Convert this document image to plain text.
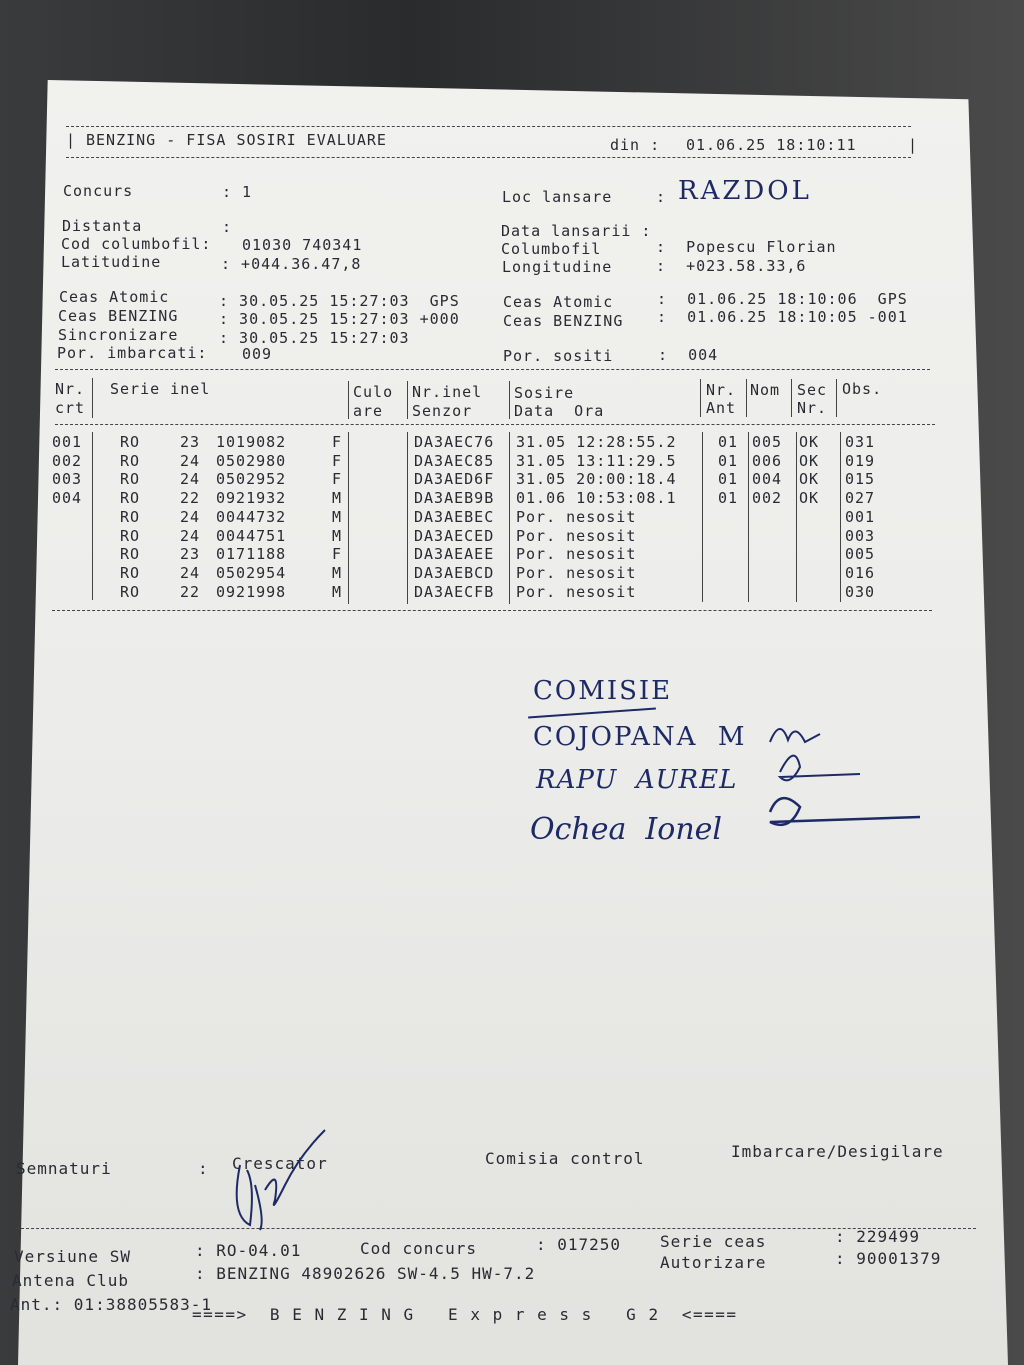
| BENZING - FISA SOSIRI EVALUARE	din : 01.06.25 18:10:11	|
Concurs	: 1
Distanta	:
Cod columbofil: 01030 740341
Latitudine	: +044.36.47,8
Ceas Atomic	: 30.05.25 15:27:03  GPS
Ceas BENZING	: 30.05.25 15:27:03 +000
Sincronizare	: 30.05.25 15:27:03
Por. imbarcati: 009
Loc lansare	: RAZDOL
Data lansarii :
Columbofil	:  Popescu Florian
Longitudine	:  +023.58.33,6
Ceas Atomic	:  01.06.25 18:10:06  GPS
Ceas BENZING :  01.06.25 18:10:05 -001
Por. sositi	:  004
Nr. Serie inel	Culo Nr.inel Sosire	Nr. Nom Sec Obs.
crt	are Senzor	Data  Ora	Ant	Nr.
001	RO	23 1019082	F	DA3AEC76 31.05 12:28:55.2	01 005 OK 031
002	RO	24 0502980	F	DA3AEC85 31.05 13:11:29.5	01 006 OK 019
003	RO	24 0502952	F	DA3AED6F 31.05 20:00:18.4	01 004 OK 015
004	RO	22 0921932	M	DA3AEB9B 01.06 10:53:08.1	01 002 OK 027
RO	24 0044732	M	DA3AEBEC Por. nesosit	001
RO	24 0044751	M	DA3AECED Por. nesosit	003
RO	23 0171188	F	DA3AEAEE Por. nesosit	005
RO	24 0502954	M	DA3AEBCD Por. nesosit	016
RO	22 0921998	M	DA3AECFB Por. nesosit	030
COMISIE
COJOPANA  M
RAPU  AUREL
Ochea  Ionel
Semnaturi	: Crescator	Comisia control	Imbarcare/Desigilare
Versiune SW	: RO-04.01	Cod concurs	: 017250 Serie ceas	: 229499
Antena Club	: BENZING 48902626 SW-4.5 HW-7.2
Autorizare	: 90001379
Ant.: 01:38805583-1
====>  B E N Z I N G   E x p r e s s   G 2  <====
